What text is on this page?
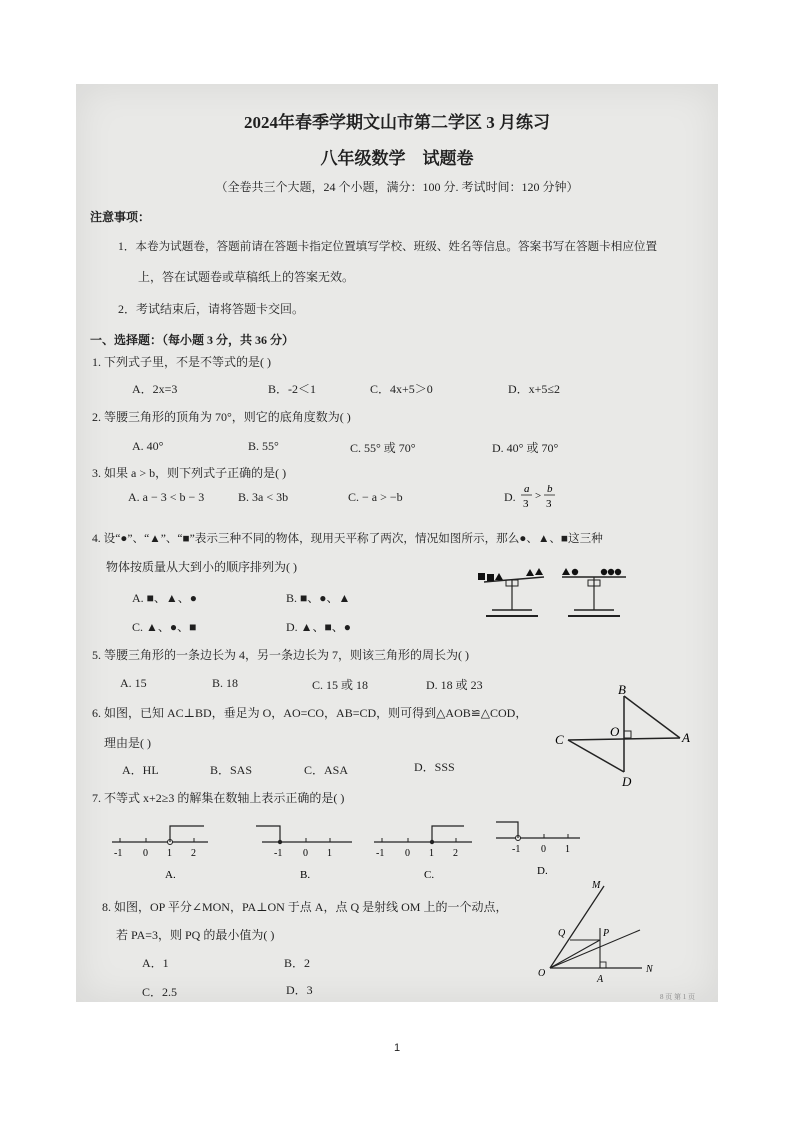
2024年春季学期文山市第二学区 3 月练习
八年级数学    试题卷
（全卷共三个大题，24 个小题，满分：100 分. 考试时间：120 分钟）
注意事项：
1．本卷为试题卷，答题前请在答题卡指定位置填写学校、班级、姓名等信息。答案书写在答题卡相应位置
上，答在试题卷或草稿纸上的答案无效。
2．考试结束后，请将答题卡交回。
一、选择题：（每小题 3 分，共 36 分）
1. 下列式子里，不是不等式的是( )
A．2x=3	B．-2＜1	C．4x+5＞0	D．x+5≤2
2. 等腰三角形的顶角为 70°，则它的底角度数为( )
A. 40°	B. 55°	C. 55° 或 70°	D. 40° 或 70°
3. 如果 a > b，则下列式子正确的是( )
A. a − 3 < b − 3	B. 3a < 3b	C. − a > −b	D.
a
3
>
b
3
4. 设“●”、“▲”、“■”表示三种不同的物体，现用天平称了两次，情况如图所示，那么●、▲、■这三种
物体按质量从大到小的顺序排列为( )
A. ■、▲、●	B. ■、●、▲
C. ▲、●、■	D. ▲、■、●
5. 等腰三角形的一条边长为 4，另一条边长为 7，则该三角形的周长为( )
A. 15	B. 18	C. 15 或 18	D. 18 或 23
6. 如图，已知 AC⊥BD，垂足为 O，AO=CO，AB=CD，则可得到△AOB≌△COD，
理由是( )
A．HL	B．SAS	C．ASA	D．SSS
B
C
O	A
D
7. 不等式 x+2≥3 的解集在数轴上表示正确的是( )
-1 0 1 2
A.
-1 0 1
B.
-1 0 1 2
C.
-1 0 1
D.
8. 如图，OP 平分∠MON，PA⊥ON 于点 A，点 Q 是射线 OM 上的一个动点，
若 PA=3，则 PQ 的最小值为( )
A．1	B．2
C．2.5	D．3
M
Q	P
O
A
N
8 页 第 1 页
1
